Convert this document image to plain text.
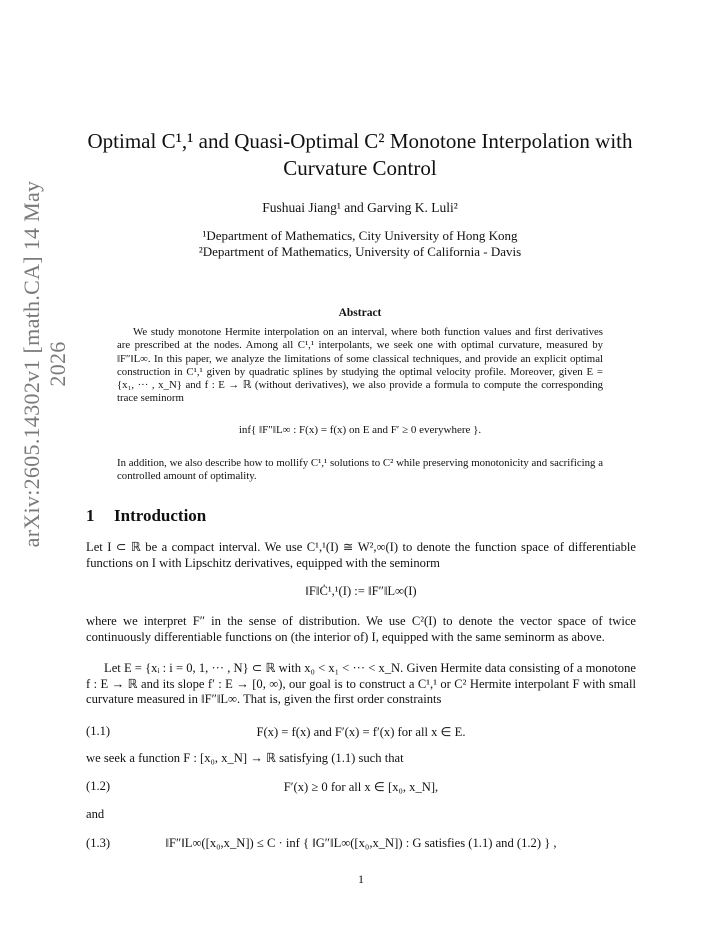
arXiv:2605.14302v1 [math.CA] 14 May 2026
Optimal C¹,¹ and Quasi-Optimal C² Monotone Interpolation with
Curvature Control
Fushuai Jiang¹ and Garving K. Luli²
¹Department of Mathematics, City University of Hong Kong
²Department of Mathematics, University of California - Davis
Abstract
We study monotone Hermite interpolation on an interval, where both function values and first derivatives are prescribed at the nodes. Among all C¹,¹ interpolants, we seek one with optimal curvature, measured by ‖F″‖L∞. In this paper, we analyze the limitations of some classical techniques, and provide an explicit optimal construction in C¹,¹ given by quadratic splines by studying the optimal velocity profile. Moreover, given E = {x₁, ··· , x_N} and f : E → ℝ (without derivatives), we also provide a formula to compute the corresponding trace seminorm
inf{ ‖F″‖L∞ : F(x) = f(x) on E and F′ ≥ 0 everywhere }.
In addition, we also describe how to mollify C¹,¹ solutions to C² while preserving monotonicity and sacrificing a controlled amount of optimality.
1 Introduction
Let I ⊂ ℝ be a compact interval. We use C¹,¹(I) ≅ W²,∞(I) to denote the function space of differentiable functions on I with Lipschitz derivatives, equipped with the seminorm
‖F‖Ċ¹,¹(I) := ‖F″‖L∞(I)
where we interpret F″ in the sense of distribution. We use C²(I) to denote the vector space of twice continuously differentiable functions on (the interior of) I, equipped with the same seminorm as above.
Let E = {xᵢ : i = 0, 1, ··· , N} ⊂ ℝ with x₀ < x₁ < ··· < x_N. Given Hermite data consisting of a monotone f : E → ℝ and its slope f′ : E → [0, ∞), our goal is to construct a C¹,¹ or C² Hermite interpolant F with small curvature measured in ‖F″‖L∞. That is, given the first order constraints
(1.1)	F(x) = f(x) and F′(x) = f′(x) for all x ∈ E.
we seek a function F : [x₀, x_N] → ℝ satisfying (1.1) such that
(1.2)	F′(x) ≥ 0 for all x ∈ [x₀, x_N],
and
(1.3)	‖F″‖L∞([x₀,x_N]) ≤ C · inf { ‖G″‖L∞([x₀,x_N]) : G satisfies (1.1) and (1.2) } ,
1
